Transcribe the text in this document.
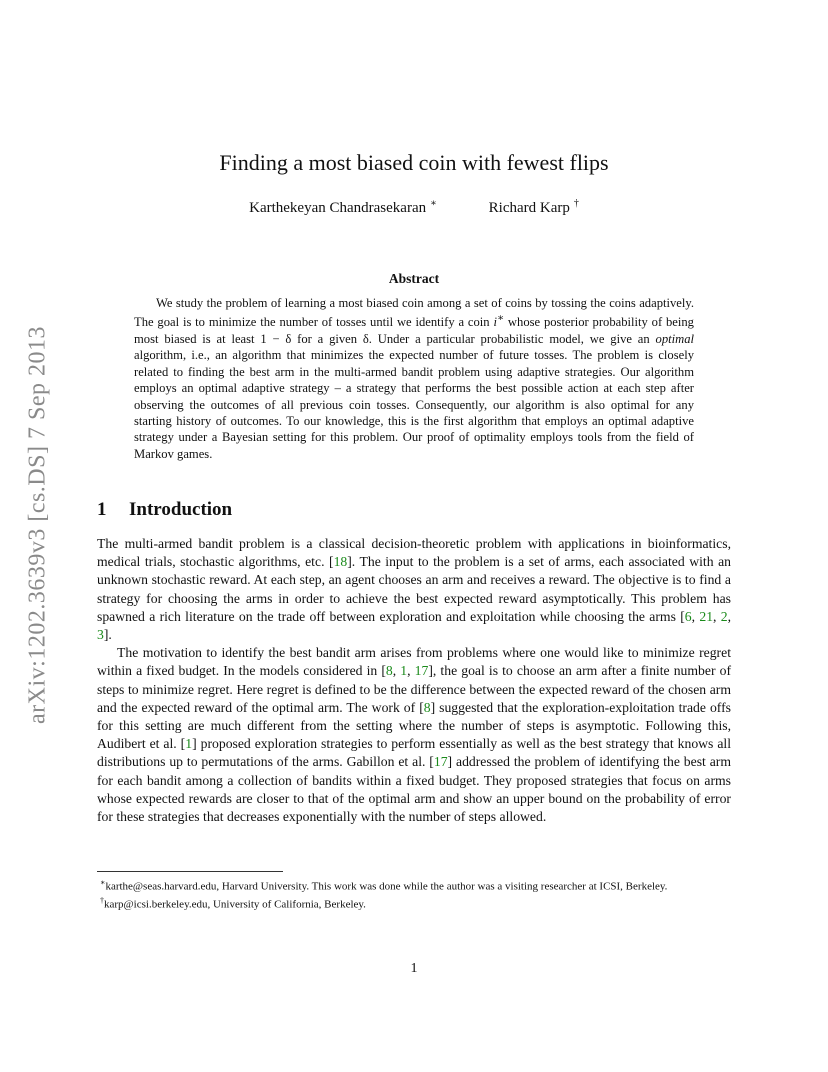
arXiv:1202.3639v3 [cs.DS] 7 Sep 2013
Finding a most biased coin with fewest flips
Karthekeyan Chandrasekaran ∗	Richard Karp †
Abstract
We study the problem of learning a most biased coin among a set of coins by tossing the coins adaptively. The goal is to minimize the number of tosses until we identify a coin i∗ whose posterior probability of being most biased is at least 1 − δ for a given δ. Under a particular probabilistic model, we give an optimal algorithm, i.e., an algorithm that minimizes the expected number of future tosses. The problem is closely related to finding the best arm in the multi-armed bandit problem using adaptive strategies. Our algorithm employs an optimal adaptive strategy – a strategy that performs the best possible action at each step after observing the outcomes of all previous coin tosses. Consequently, our algorithm is also optimal for any starting history of outcomes. To our knowledge, this is the first algorithm that employs an optimal adaptive strategy under a Bayesian setting for this problem. Our proof of optimality employs tools from the field of Markov games.
1 Introduction

The multi-armed bandit problem is a classical decision-theoretic problem with applications in bioinformatics, medical trials, stochastic algorithms, etc. [18]. The input to the problem is a set of arms, each associated with an unknown stochastic reward. At each step, an agent chooses an arm and receives a reward. The objective is to find a strategy for choosing the arms in order to achieve the best expected reward asymptotically. This problem has spawned a rich literature on the trade off between exploration and exploitation while choosing the arms [6, 21, 2, 3].

The motivation to identify the best bandit arm arises from problems where one would like to minimize regret within a fixed budget. In the models considered in [8, 1, 17], the goal is to choose an arm after a finite number of steps to minimize regret. Here regret is defined to be the difference between the expected reward of the chosen arm and the expected reward of the optimal arm. The work of [8] suggested that the exploration-exploitation trade offs for this setting are much different from the setting where the number of steps is asymptotic. Following this, Audibert et al. [1] proposed exploration strategies to perform essentially as well as the best strategy that knows all distributions up to permutations of the arms. Gabillon et al. [17] addressed the problem of identifying the best arm for each bandit among a collection of bandits within a fixed budget. They proposed strategies that focus on arms whose expected rewards are closer to that of the optimal arm and show an upper bound on the probability of error for these strategies that decreases exponentially with the number of steps allowed.

∗karthe@seas.harvard.edu, Harvard University. This work was done while the author was a visiting researcher at ICSI, Berkeley.

†karp@icsi.berkeley.edu, University of California, Berkeley.

1
